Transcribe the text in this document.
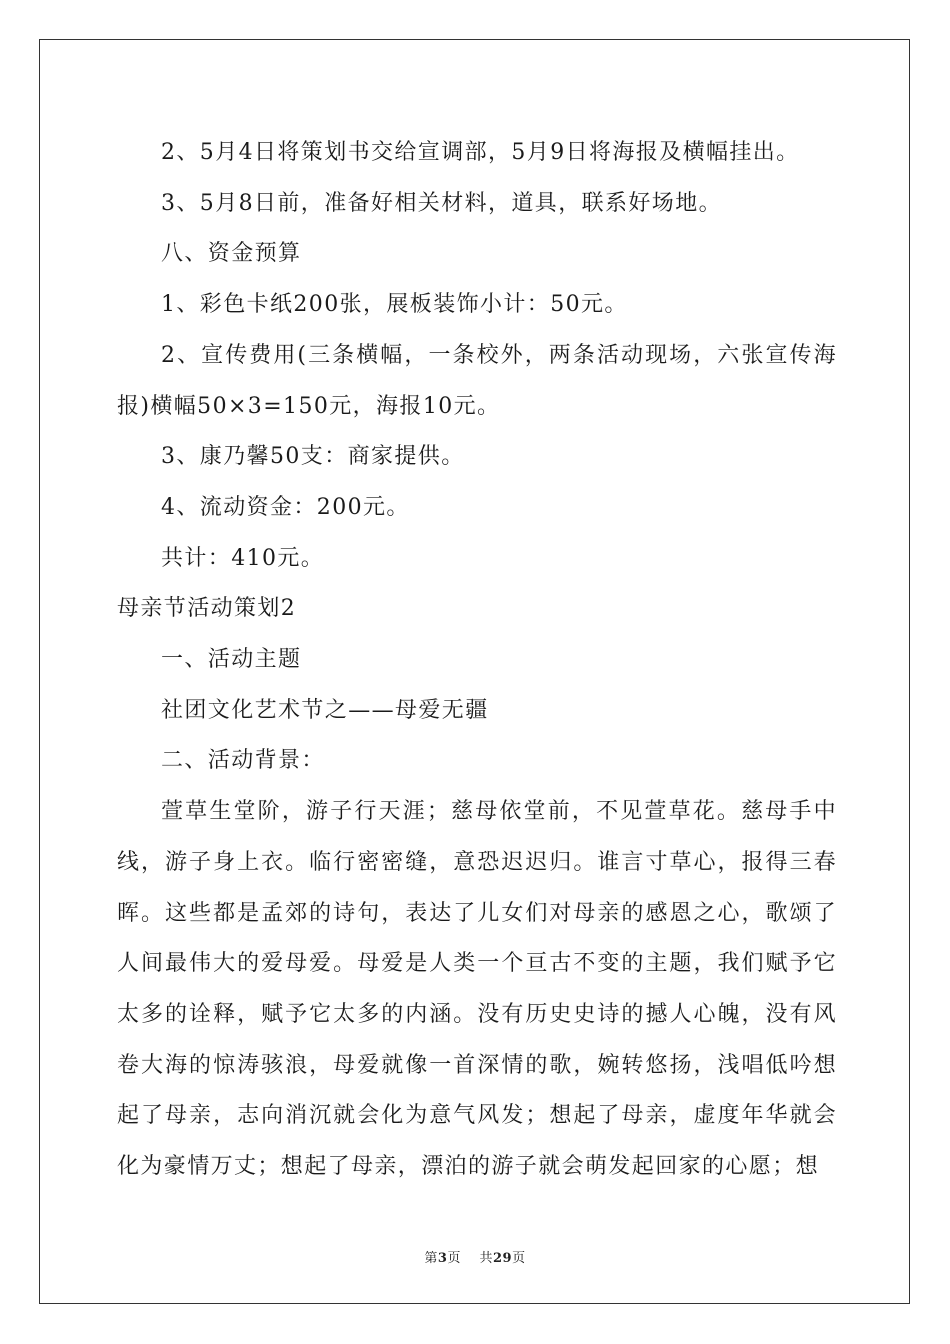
2、5月4日将策划书交给宣调部，5月9日将海报及横幅挂出。

3、5月8日前，准备好相关材料，道具，联系好场地。

八、资金预算

1、彩色卡纸200张，展板装饰小计：50元。

2、宣传费用(三条横幅，一条校外，两条活动现场，六张宣传海报)横幅50×3=150元，海报10元。

3、康乃馨50支：商家提供。

4、流动资金：200元。

共计：410元。

母亲节活动策划2

一、活动主题

社团文化艺术节之——母爱无疆

二、活动背景：

萱草生堂阶，游子行天涯；慈母依堂前，不见萱草花。慈母手中线，游子身上衣。临行密密缝，意恐迟迟归。谁言寸草心，报得三春晖。这些都是孟郊的诗句，表达了儿女们对母亲的感恩之心，歌颂了人间最伟大的爱母爱。母爱是人类一个亘古不变的主题，我们赋予它太多的诠释，赋予它太多的内涵。没有历史史诗的撼人心魄，没有风卷大海的惊涛骇浪，母爱就像一首深情的歌，婉转悠扬，浅唱低吟想起了母亲，志向消沉就会化为意气风发；想起了母亲，虚度年华就会化为豪情万丈；想起了母亲，漂泊的游子就会萌发起回家的心愿；想

第3页 共29页
